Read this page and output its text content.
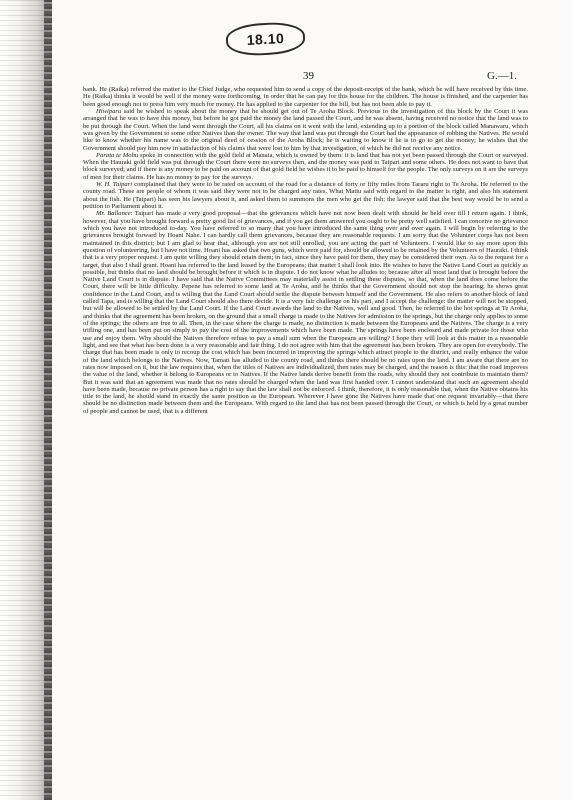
18.10
39	G.—1.

bank. He (Raika) referred the matter to the Chief Judge, who requested him to send a copy of the deposit-receipt of the bank, which he will have received by this time. He (Raika) thinks it would be well if the money were forthcoming, in order that he can pay for this house for the children. The house is finished, and the carpenter has been good enough not to press him very much for money. He has applied to the carpenter for the bill, but has not been able to pay it.

Hiwiparu said he wished to speak about the money that he should get out of Te Aroha Block. Previous to the investigation of this block by the Court it was arranged that he was to have this money, but before he got paid the money the land passed the Court, and he was absent, having received no notice that the land was to be put through the Court. When the land went through the Court, all his claims on it went with the land, extending up to a portion of the block called Manawaru, which was given by the Government to some other Natives than the owner. The way that land was put through the Court had the appearance of robbing the Natives. He would like to know whether his name was to the original deed of cession of the Aroha Block; he is waiting to know if he is to go to get the money; he wishes that the Government should pay him now in satisfaction of his claims that were lost to him by that investigation, of which he did not receive any notice.

Parata te Mohu spoke in connection with the gold field at Manaia, which is owned by them: it is land that has not yet been passed through the Court or surveyed. When the Hauraki gold field was put through the Court there were no surveys then, and the money was paid to Taipari and some others. He does not want to have that block surveyed; and if there is any money to be paid on account of that gold field he wishes it to be paid to himself for the people. The only surveys on it are the surveys of men for their claims. He has no money to pay for the surveys.

W. H. Taipari complained that they were to be rated on account of the road for a distance of forty or fifty miles from Tararu right to Te Aroha. He referred to the county road. These are people of whom it was said they were not to be charged any rates. What Matiu said with regard to the matter is right, and also his statement about the fish. He (Taipari) has seen his lawyers about it, and asked them to summons the men who get the fish; the lawyer said that the best way would be to send a petition to Parliament about it.

Mr. Ballance: Taipari has made a very good proposal—that the grievances which have not now been dealt with should be held over till I return again. I think, however, that you have brought forward a pretty good list of grievances, and if you get them answered you ought to be pretty well satisfied. I can conceive no grievance which you have not introduced to-day. You have referred to so many that you have introduced the same thing over and over again. I will begin by referring to the grievances brought forward by Hoani Nahe. I can hardly call them grievances, because they are reasonable requests. I am sorry that the Volunteer corps has not been maintained in this district; but I am glad to hear that, although you are not still enrolled, you are acting the part of Volunteers. I would like to say more upon this question of volunteering, but I have not time. Hoani has asked that two guns, which were paid for, should be allowed to be retained by the Volunteers of Hauraki. I think that is a very proper request. I am quite willing they should retain them; in fact, since they have paid for them, they may be considered their own. As to the request for a target, that also I shall grant. Hoani has referred to the land leased by the Europeans; that matter I shall look into. He wishes to have the Native Land Court as quickly as possible, but thinks that no land should be brought before it which is in dispute. I do not know what he alludes to; because after all most land that is brought before the Native Land Court is in dispute. I have said that the Native Committees may materially assist in settling these disputes, so that, when the land does come before the Court, there will be little difficulty. Pepene has referred to some land at Te Aroha, and he thinks that the Government should not stop the hearing; he shows great confidence in the Land Court, and is willing that the Land Court should settle the dispute between himself and the Government. He also refers to another block of land called Tapa, and is willing that the Land Court should also there decide. It is a very fair challenge on his part, and I accept the challenge: the matter will not be stopped, but will be allowed to be settled by the Land Court. If the Land Court awards the land to the Natives, well and good. Then, he referred to the hot springs at Te Aroha, and thinks that the agreement has been broken, on the ground that a small charge is made to the Natives for admission to the springs, but the charge only applies to some of the springs; the others are free to all. Then, in the case where the charge is made, no distinction is made between the Europeans and the Natives. The charge is a very trifling one, and has been put on simply to pay the cost of the improvements which have been made. The springs have been enclosed and made private for those who use and enjoy them. Why should the Natives therefore refuse to pay a small sum when the Europeans are willing? I hope they will look at this matter in a reasonable light, and see that what has been done is a very reasonable and fair thing. I do not agree with him that the agreement has been broken. They are open for everybody. The charge that has been made is only to recoup the cost which has been incurred in improving the springs which attract people to the district, and really enhance the value of the land which belongs to the Natives. Now, Tamati has alluded to the county road, and thinks there should be no rates upon the land. I am aware that there are no rates now imposed on it, but the law requires that, when the titles of Natives are individualized, then rates may be charged, and the reason is this: that the road improves the value of the land, whether it belong to Europeans or to Natives. If the Native lands derive benefit from the roads, why should they not contribute to maintain them? But it was said that an agreement was made that no rates should be charged when the land was first handed over. I cannot understand that such an agreement should have been made, because no private person has a right to say that the law shall not be enforced. I think, therefore, it is only reasonable that, when the Native obtains his title to the land, he should stand in exactly the same position as the European. Wherever I have gone the Natives have made that one request invariably—that there should be no distinction made between them and the Europeans. With regard to the land that has not been passed through the Court, or which is held by a great number of people and cannot be used, that is a different
